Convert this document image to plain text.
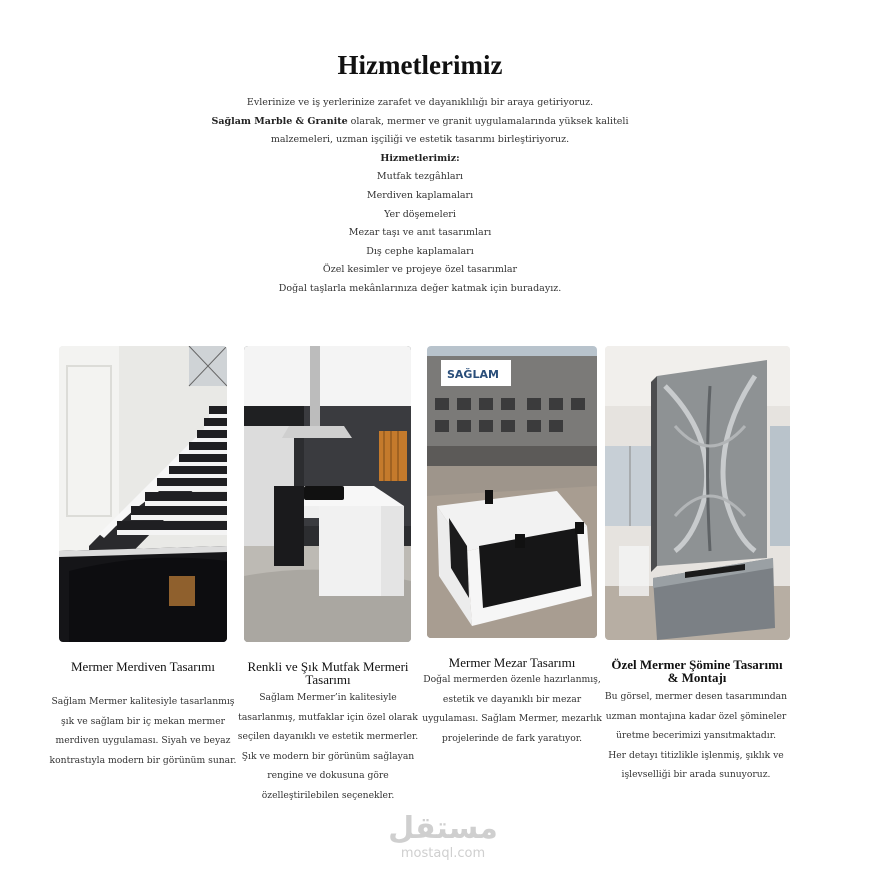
Hizmetlerimiz
Evlerinize ve iş yerlerinize zarafet ve dayanıklılığı bir araya getiriyoruz.
Sağlam Marble & Granite olarak, mermer ve granit uygulamalarında yüksek kaliteli
malzemeleri, uzman işçiliği ve estetik tasarımı birleştiriyoruz.
Hizmetlerimiz:
Mutfak tezgâhları
Merdiven kaplamaları
Yer döşemeleri
Mezar taşı ve anıt tasarımları
Dış cephe kaplamaları
Özel kesimler ve projeye özel tasarımlar
Doğal taşlarla mekânlarınıza değer katmak için buradayız.
Mermer Merdiven Tasarımı
Sağlam Mermer kalitesiyle tasarlanmış
şık ve sağlam bir iç mekan mermer
merdiven uygulaması. Siyah ve beyaz
kontrastıyla modern bir görünüm sunar.
Renkli ve Şık Mutfak Mermeri
Tasarımı
Sağlam Mermer’in kalitesiyle
tasarlanmış, mutfaklar için özel olarak
seçilen dayanıklı ve estetik mermerler.
Şık ve modern bir görünüm sağlayan
rengine ve dokusuna göre
özelleştirilebilen seçenekler.
SAĞLAM
Mermer Mezar Tasarımı
Doğal mermerden özenle hazırlanmış,
estetik ve dayanıklı bir mezar
uygulaması. Sağlam Mermer, mezarlık
projelerinde de fark yaratıyor.
Özel Mermer Şömine Tasarımı
& Montajı
Bu görsel, mermer desen tasarımından
uzman montajına kadar özel şömineler
üretme becerimizi yansıtmaktadır.
Her detayı titizlikle işlenmiş, şıklık ve
işlevselliği bir arada sunuyoruz.
مستقل
mostaql.com
